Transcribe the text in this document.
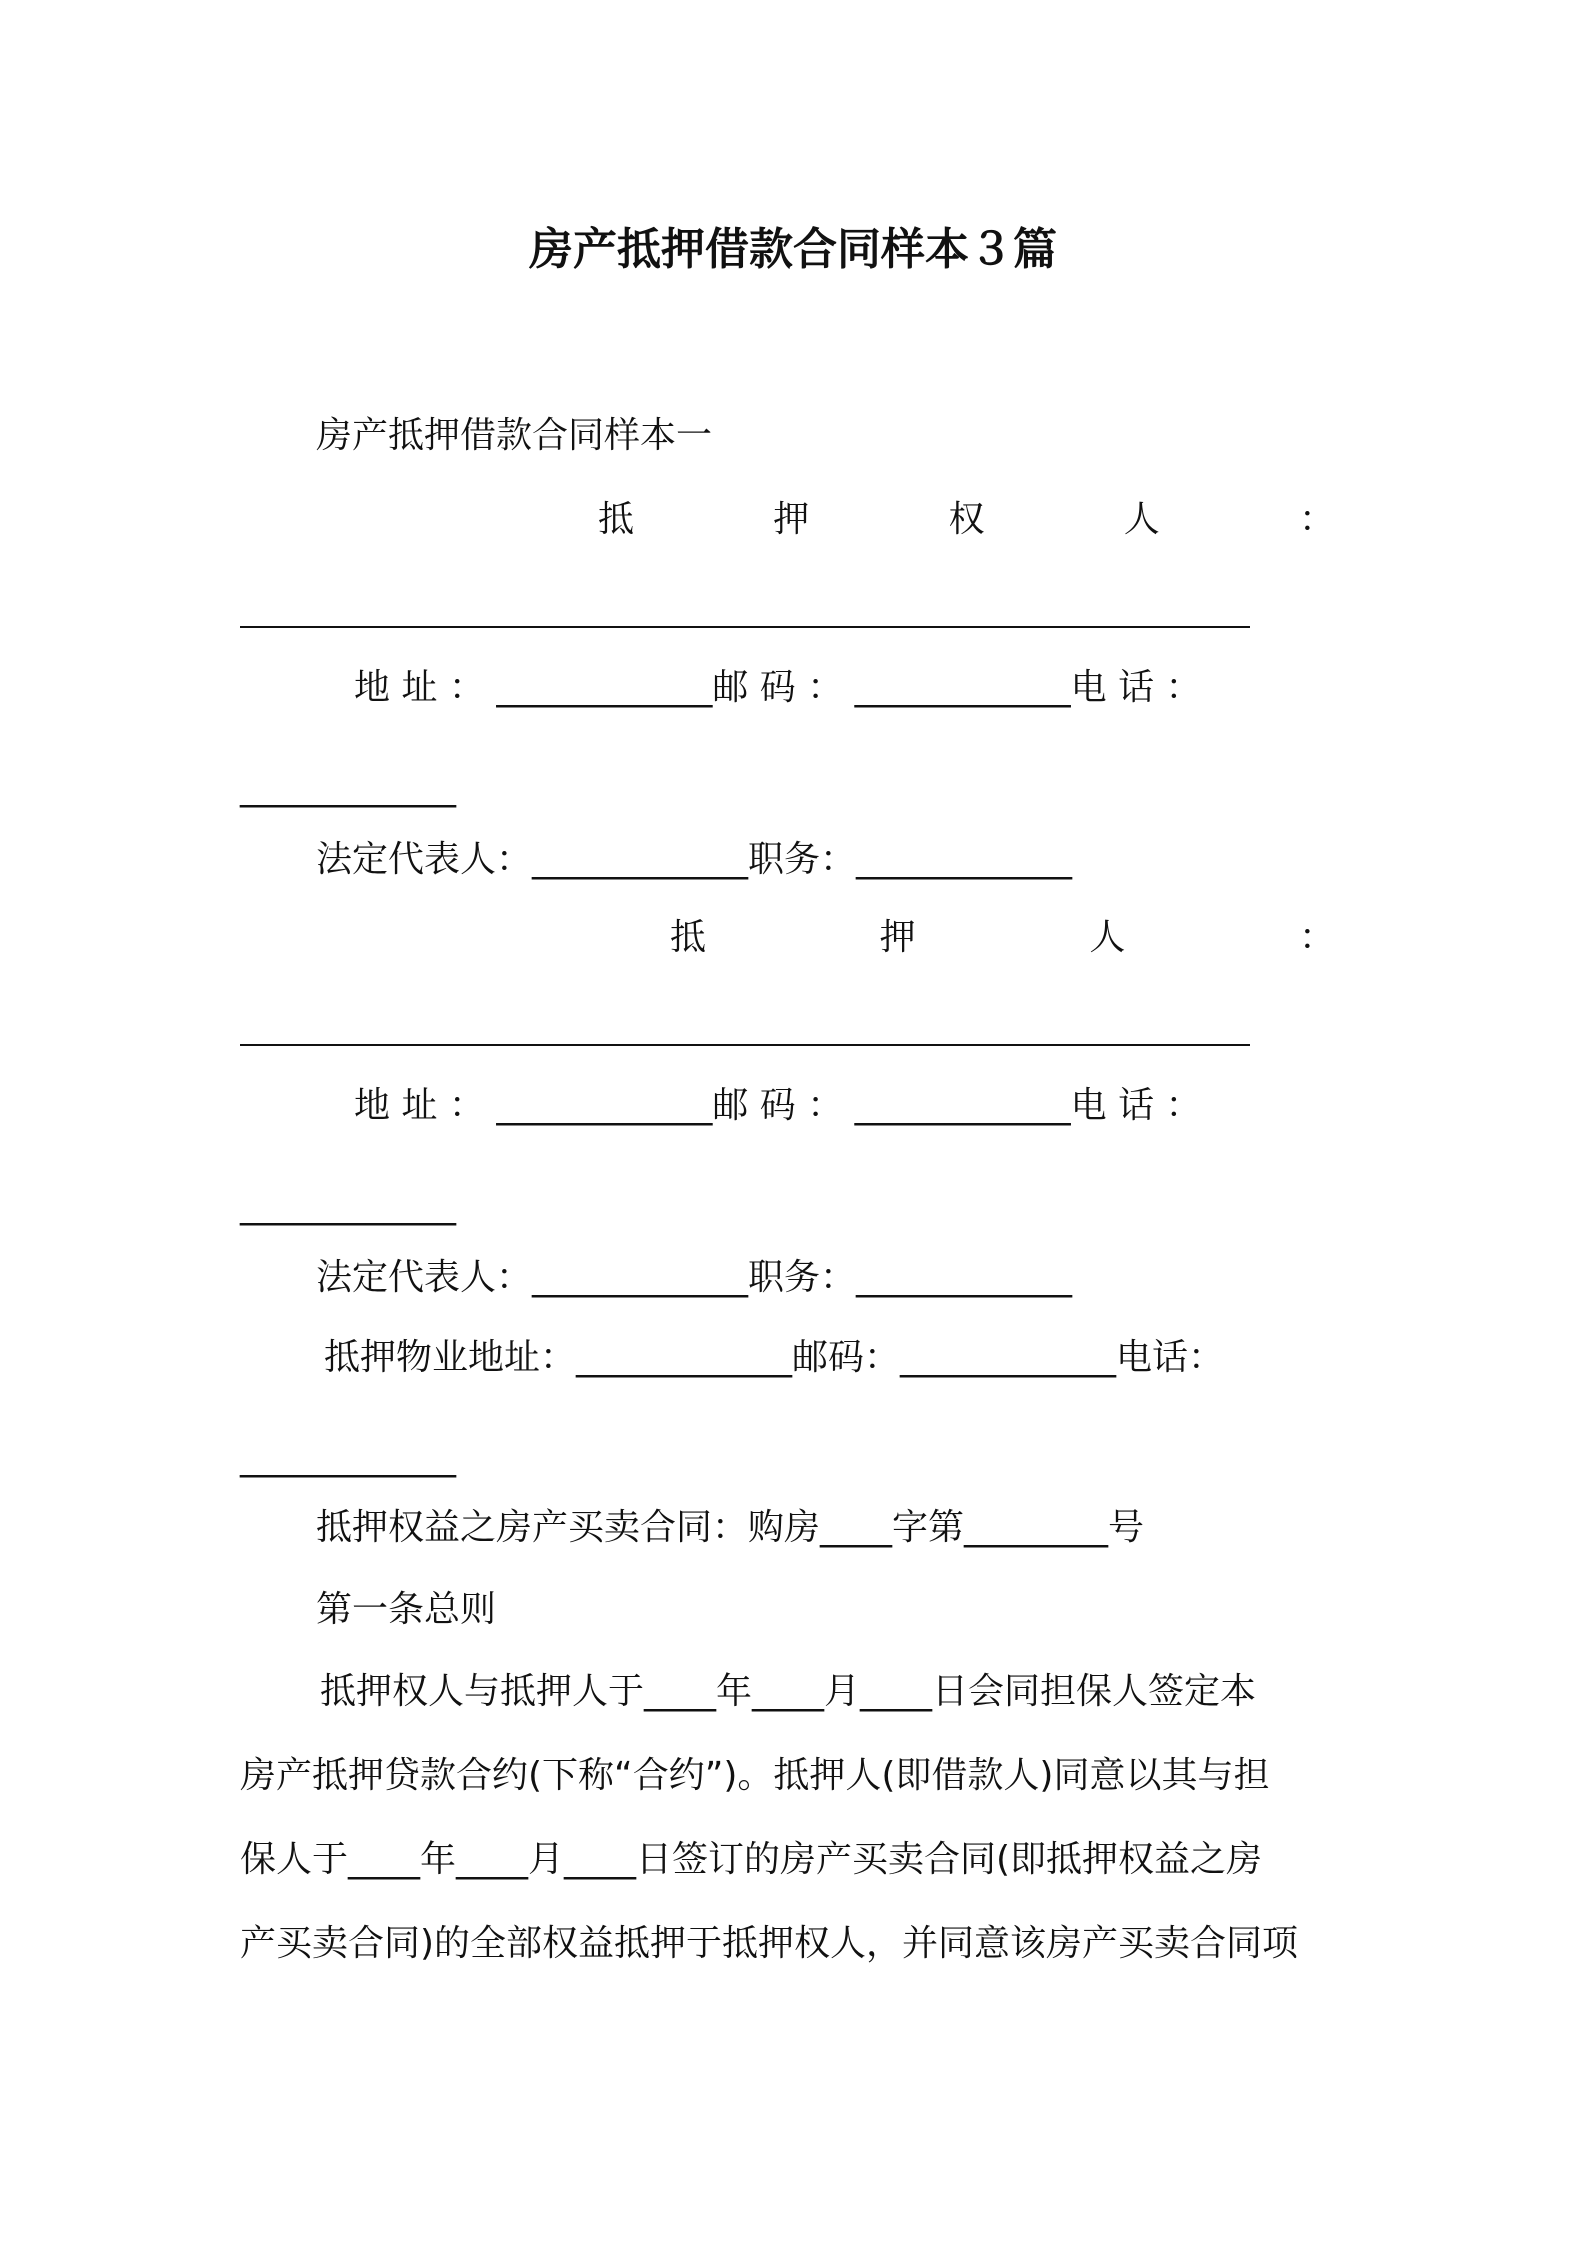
房产抵押借款合同样本３篇
房产抵押借款合同样本一
抵	押	权	人	：
地 址 ： ____________邮 码 ： ____________电 话 ：
____________
法定代表人：____________职务：____________
抵	押	人	：
地 址 ： ____________邮 码 ： ____________电 话 ：
____________
法定代表人：____________职务：____________
抵押物业地址：____________邮码：____________电话：
____________
抵押权益之房产买卖合同：购房____字第________号
第一条总则
抵押权人与抵押人于____年____月____日会同担保人签定本
房产抵押贷款合约(下称“合约”)。抵押人(即借款人)同意以其与担
保人于____年____月____日签订的房产买卖合同(即抵押权益之房
产买卖合同)的全部权益抵押于抵押权人，并同意该房产买卖合同项
